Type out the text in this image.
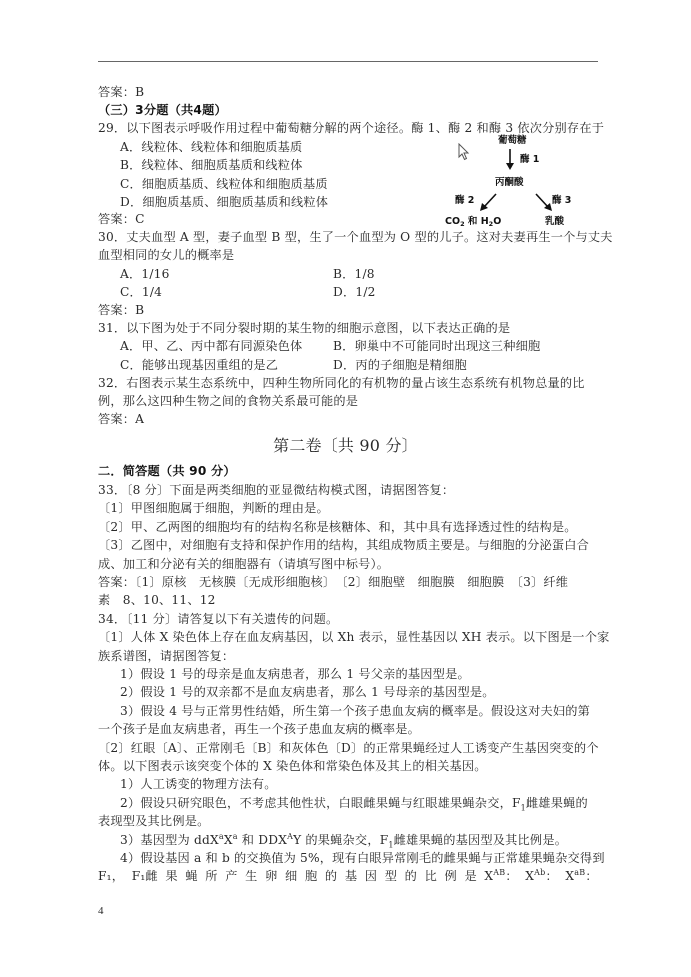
答案：B
（三）3分题（共4题）
29．以下图表示呼吸作用过程中葡萄糖分解的两个途径。酶 1、酶 2 和酶 3 依次分别存在于
A．线粒体、线粒体和细胞质基质
B．线粒体、细胞质基质和线粒体
C．细胞质基质、线粒体和细胞质基质
D．细胞质基质、细胞质基质和线粒体
答案：C
葡萄糖
酶 1
丙酮酸
酶 2	酶 3
$CO_2$ 和 $H_2O$	乳酸
30．丈夫血型 A 型，妻子血型 B 型，生了一个血型为 O 型的儿子。这对夫妻再生一个与丈夫
血型相同的女儿的概率是
A．1/16	B．1/8
C．1/4	D．1/2
答案：B
31．以下图为处于不同分裂时期的某生物的细胞示意图，以下表达正确的是
A．甲、乙、丙中都有同源染色体	B．卵巢中不可能同时出现这三种细胞
C．能够出现基因重组的是乙	D．丙的子细胞是精细胞
32．右图表示某生态系统中，四种生物所同化的有机物的量占该生态系统有机物总量的比
例，那么这四种生物之间的食物关系最可能的是
答案：A
第二卷〔共 90 分〕
二．简答题（共 90 分）
33．〔8 分〕下面是两类细胞的亚显微结构模式图，请据图答复：
〔1〕甲图细胞属于细胞，判断的理由是。
〔2〕甲、乙两图的细胞均有的结构名称是核糖体、和，其中具有选择透过性的结构是。
〔3〕乙图中，对细胞有支持和保护作用的结构，其组成物质主要是。与细胞的分泌蛋白合
成、加工和分泌有关的细胞器有（请填写图中标号）。
答案：〔1〕原核　无核膜〔无成形细胞核〕　〔2〕细胞壁　细胞膜　细胞膜　〔3〕纤维
素　8、10、11、12
34．〔11 分〕请答复以下有关遗传的问题。
〔1〕人体 X 染色体上存在血友病基因，以 Xh 表示，显性基因以 XH 表示。以下图是一个家
族系谱图，请据图答复：
1）假设 1 号的母亲是血友病患者，那么 1 号父亲的基因型是。
2）假设 1 号的双亲都不是血友病患者，那么 1 号母亲的基因型是。
3）假设 4 号与正常男性结婚，所生第一个孩子患血友病的概率是。假设这对夫妇的第
一个孩子是血友病患者，再生一个孩子患血友病的概率是。
〔2〕红眼〔A〕、正常刚毛〔B〕和灰体色〔D〕的正常果蝇经过人工诱变产生基因突变的个
体。以下图表示该突变个体的 X 染色体和常染色体及其上的相关基因。
1）人工诱变的物理方法有。
2）假设只研究眼色，不考虑其他性状，白眼雌果蝇与红眼雄果蝇杂交，$F_1$雌雄果蝇的
表现型及其比例是。
3）基因型为 $ddX^aX^a$ 和 $DDX^AY$ 的果蝇杂交，$F_1$雌雄果蝇的基因型及其比例是。
4）假设基因 a 和 b 的交换值为 5%，现有白眼异常刚毛的雌果蝇与正常雄果蝇杂交得到
F₁， F₁雌 果 蝇 所 产 生 卵 细 胞 的 基 因 型 的 比 例 是 $X^{AB}$： $X^{Ab}$： $X^{aB}$：
4
